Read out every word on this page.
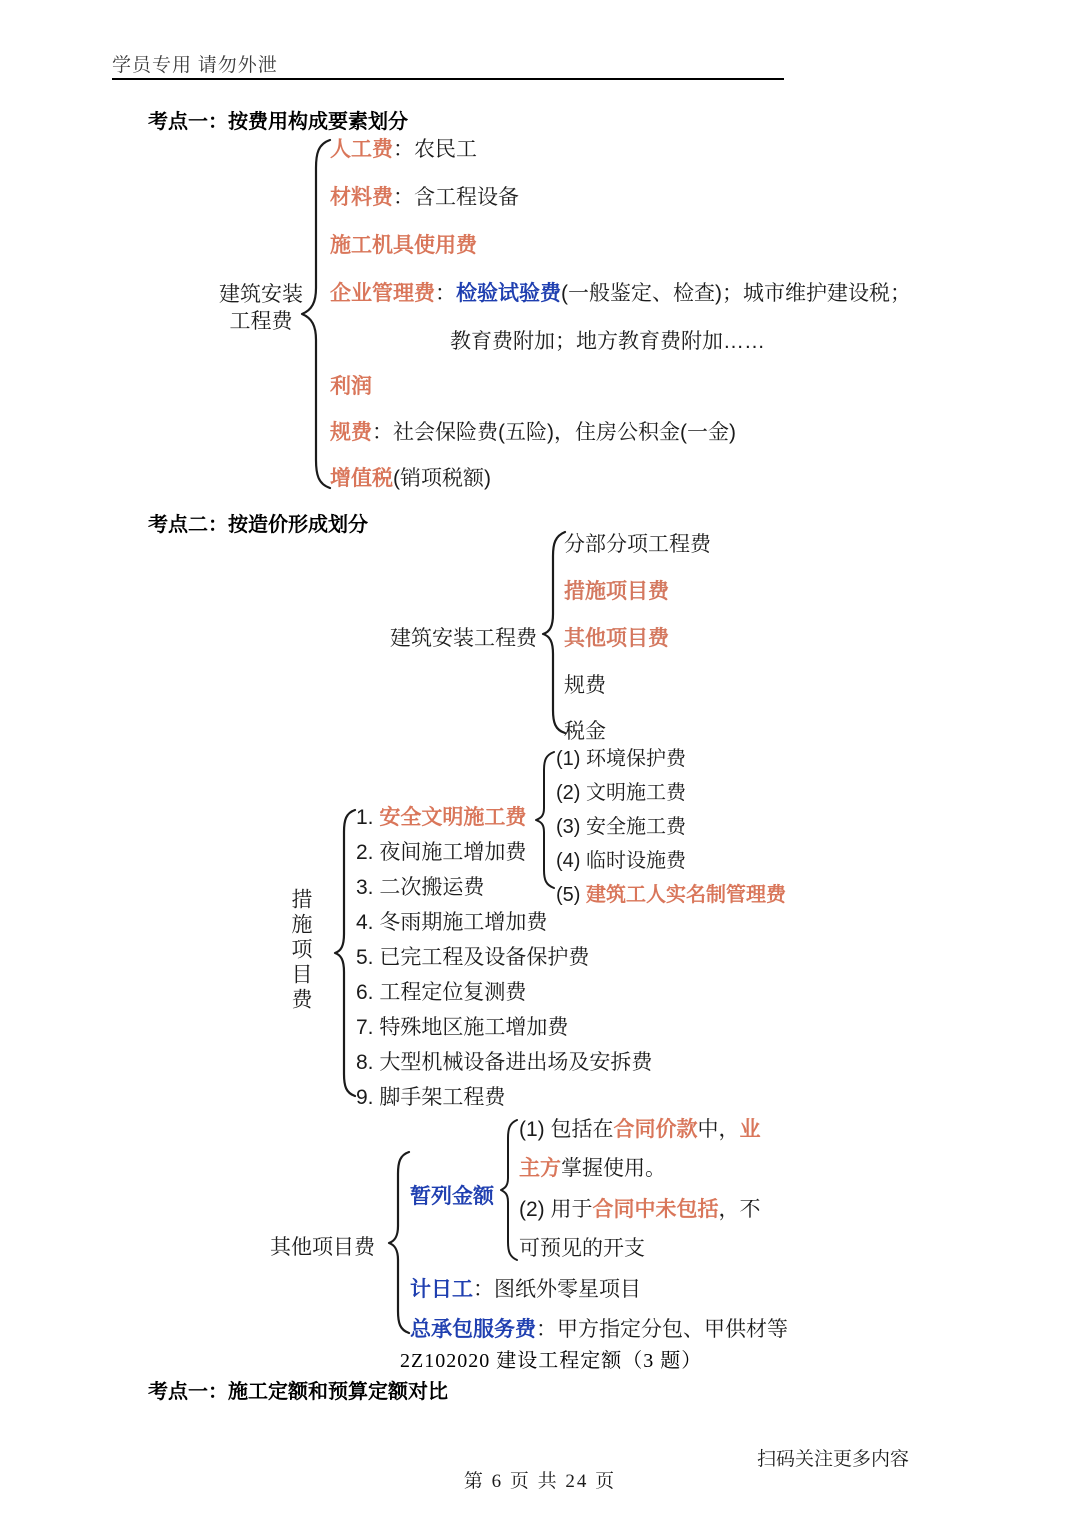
学员专用 请勿外泄
考点一：按费用构成要素划分
建筑安装
工程费
人工费：农民工
材料费：含工程设备
施工机具使用费
企业管理费：检验试验费(一般鉴定、检查)；城市维护建设税；
教育费附加；地方教育费附加……
利润
规费：社会保险费(五险)，住房公积金(一金)
增值税(销项税额)
考点二：按造价形成划分
建筑安装工程费
分部分项工程费
措施项目费
其他项目费
规费
税金
措施项目费
1. 安全文明施工费
2. 夜间施工增加费
3. 二次搬运费
4. 冬雨期施工增加费
5. 已完工程及设备保护费
6. 工程定位复测费
7. 特殊地区施工增加费
8. 大型机械设备进出场及安拆费
9. 脚手架工程费
(1) 环境保护费
(2) 文明施工费
(3) 安全施工费
(4) 临时设施费
(5) 建筑工人实名制管理费
其他项目费
暂列金额
(1) 包括在合同价款中，业
主方掌握使用。
(2) 用于合同中未包括，不
可预见的开支
计日工：图纸外零星项目
总承包服务费：甲方指定分包、甲供材等
2Z102020 建设工程定额（3 题）
考点一：施工定额和预算定额对比
扫码关注更多内容
第 6 页 共 24 页
